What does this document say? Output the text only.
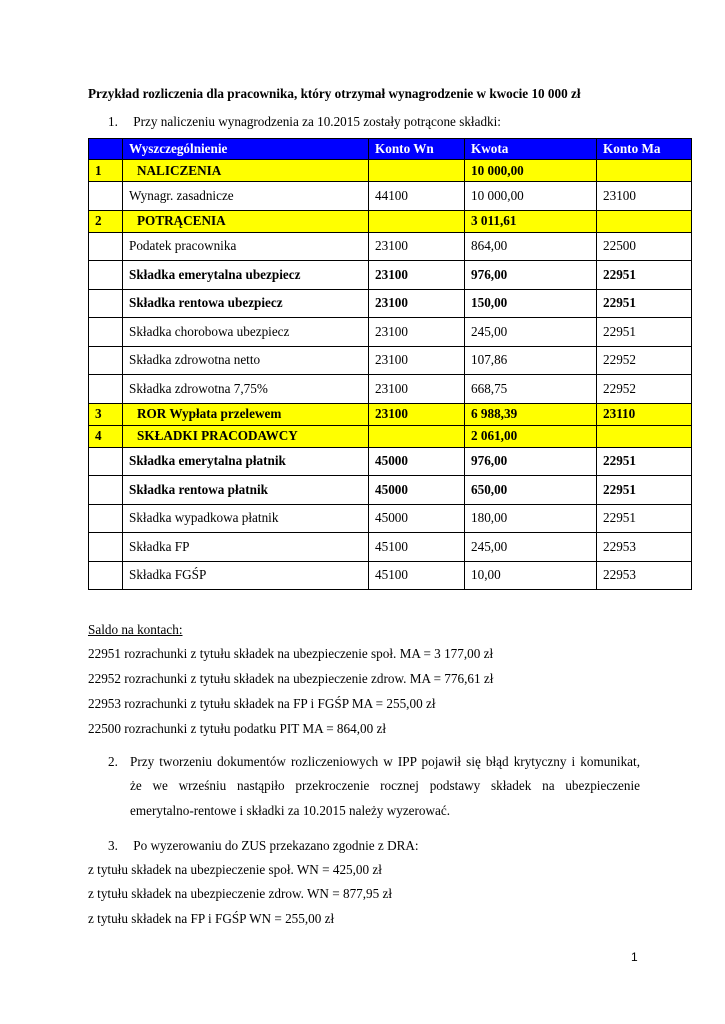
Przykład rozliczenia dla pracownika, który otrzymał wynagrodzenie w kwocie 10 000 zł
1. Przy naliczeniu wynagrodzenia za 10.2015 zostały potrącone składki:
	Wyszczególnienie	Konto Wn	Kwota	Konto Ma
1	NALICZENIA		10 000,00	
	Wynagr. zasadnicze	44100	10 000,00	23100
2	POTRĄCENIA		3 011,61	
	Podatek pracownika	23100	864,00	22500
	Składka emerytalna ubezpiecz	23100	976,00	22951
	Składka rentowa ubezpiecz	23100	150,00	22951
	Składka chorobowa ubezpiecz	23100	245,00	22951
	Składka zdrowotna netto	23100	107,86	22952
	Składka zdrowotna 7,75%	23100	668,75	22952
3	ROR Wypłata przelewem	23100	6 988,39	23110
4	SKŁADKI PRACODAWCY		2 061,00	
	Składka emerytalna płatnik	45000	976,00	22951
	Składka rentowa płatnik	45000	650,00	22951
	Składka wypadkowa płatnik	45000	180,00	22951
	Składka FP	45100	245,00	22953
	Składka FGŚP	45100	10,00	22953
Saldo na kontach:
22951 rozrachunki z tytułu składek na ubezpieczenie społ. MA = 3 177,00 zł
22952 rozrachunki z tytułu składek na ubezpieczenie zdrow. MA = 776,61 zł
22953 rozrachunki z tytułu składek na FP i FGŚP MA = 255,00 zł
22500 rozrachunki z tytułu podatku PIT MA = 864,00 zł
2. Przy tworzeniu dokumentów rozliczeniowych w IPP pojawił się błąd krytyczny i komunikat,
że we wrześniu nastąpiło przekroczenie rocznej podstawy składek na ubezpieczenie
emerytalno-rentowe i składki za 10.2015 należy wyzerować.
3. Po wyzerowaniu do ZUS przekazano zgodnie z DRA:
z tytułu składek na ubezpieczenie społ. WN = 425,00 zł
z tytułu składek na ubezpieczenie zdrow. WN = 877,95 zł
z tytułu składek na FP i FGŚP WN = 255,00 zł
1
